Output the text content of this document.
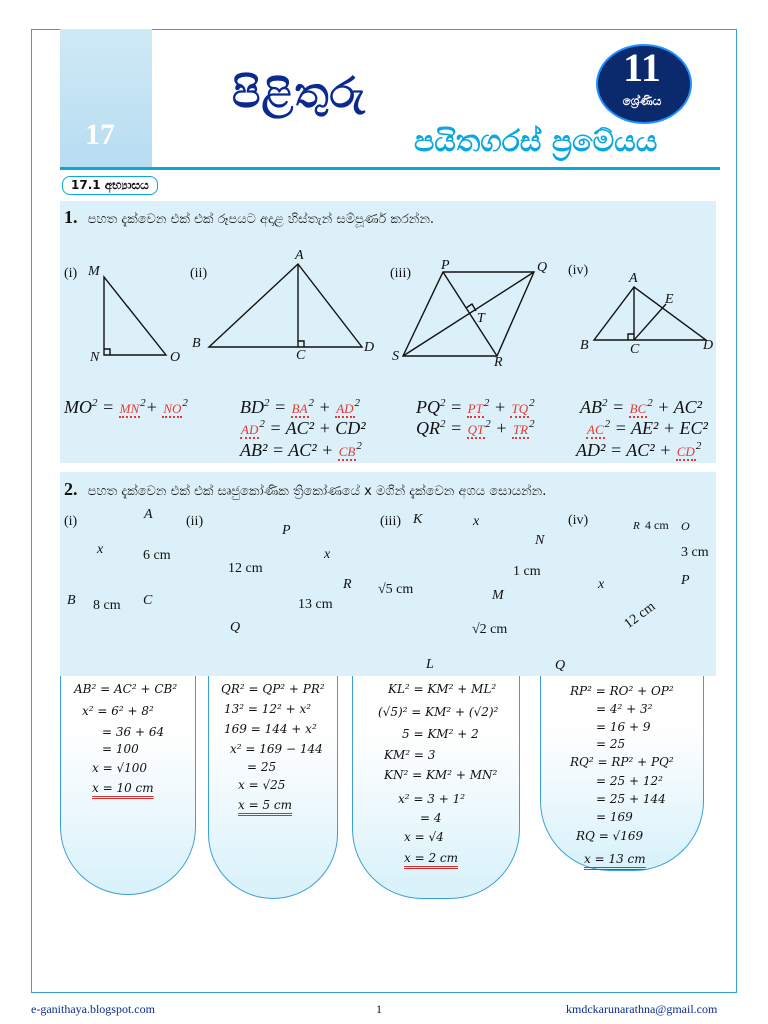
17
පිළිතුරු
11
ශ්‍රේණිය
පයිතගරස් ප්‍රමේයය
17.1 අභ්‍යාසය
1. පහත දැක්වෙන එක් එක් රූපයට අදාළ හිස්තැන් සම්පූර්ණ කරන්න.
(i) M
N	O
(ii)
A
B
C
D
(iii)
P	Q
T
S	R
(iv)
A
E
B	C	D
$MO^2 = MN^2+ NO^2$	$BD^2 = BA^2 + AD^2$
$AD^2 = AC^2 + CD^2$
$AB^2 = AC^2 + CB^2$
$PQ^2 = PT^2 + TQ^2$
$QR^2 = QT^2 + TR^2$
$AB^2 = BC^2 + AC^2$
$AC^2 = AE^2 + EC^2$
$AD^2 = AC^2 + CD^2$
2. පහත දැක්වෙන එක් එක් සෘජුකෝණික ත්‍රිකෝණයේ x මගින් දැක්වෙන අගය සොයන්න.
(i)	A
B	C
x	6 cm
8 cm
(ii)
P
Q
R
12 cm
x
13 cm
(iii) K
N
M
L
x
1 cm
√5 cm
√2 cm
(iv)	R	O
P
Q
4 cm
3 cm
x
12 cm
AB² = AC² + CB²
x² = 6² + 8²
= 36 + 64
= 100
x = √100
x = 10 cm
QR² = QP² + PR²
13² = 12² + x²
169 = 144 + x²
x² = 169 − 144
= 25
x = √25
x = 5 cm
KL² = KM² + ML²
(√5)² = KM² + (√2)²
5 = KM² + 2
KM² = 3
KN² = KM² + MN²
x² = 3 + 1²
= 4
x = √4
x = 2 cm
RP² = RO² + OP²
= 4² + 3²
= 16 + 9
= 25
RQ² = RP² + PQ²
= 25 + 12²
= 25 + 144
= 169
RQ = √169
x = 13 cm
e-ganithaya.blogspot.com	1	kmdckarunarathna@gmail.com
